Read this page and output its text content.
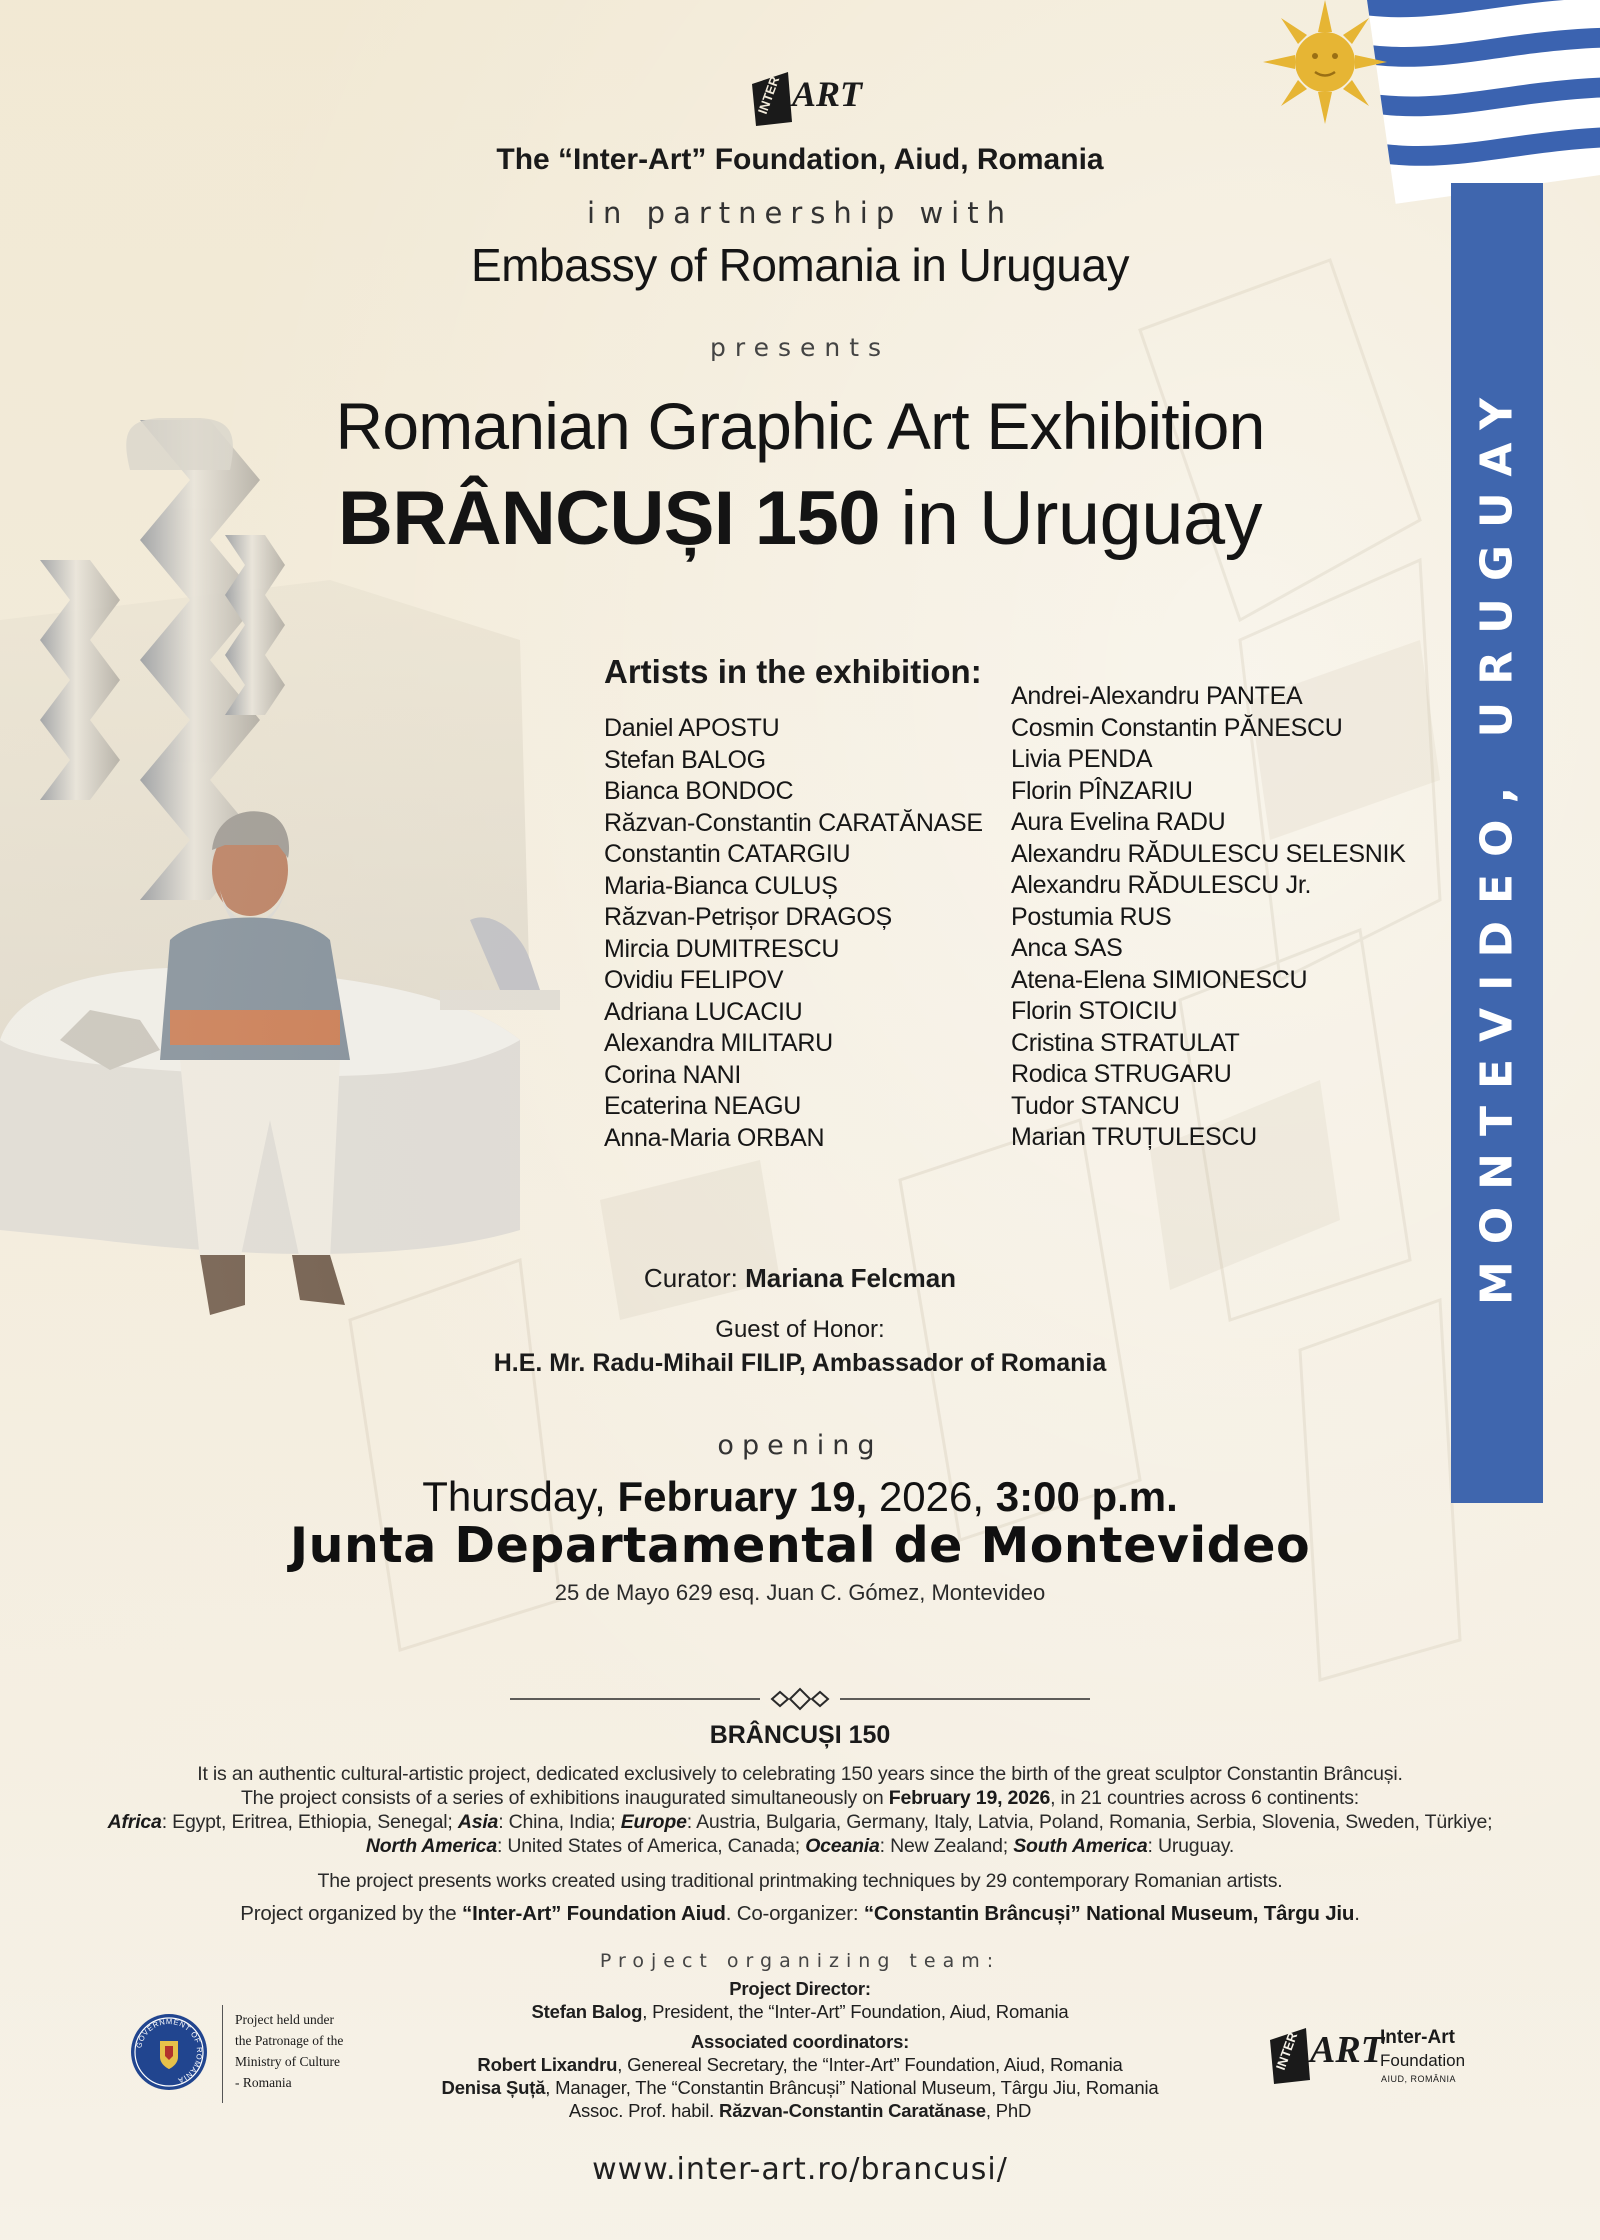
MONTEVIDEO, URUGUAY
INTER ART
The “Inter-Art” Foundation, Aiud, Romania
in partnership with
Embassy of Romania in Uruguay
presents
Romanian Graphic Art Exhibition
BRÂNCUȘI 150 in Uruguay
Artists in the exhibition:
Daniel APOSTU
Stefan BALOG
Bianca BONDOC
Răzvan-Constantin CARATĂNASE
Constantin CATARGIU
Maria-Bianca CULUȘ
Răzvan-Petrișor DRAGOȘ
Mircia DUMITRESCU
Ovidiu FELIPOV
Adriana LUCACIU
Alexandra MILITARU
Corina NANI
Ecaterina NEAGU
Anna-Maria ORBAN
Andrei-Alexandru PANTEA
Cosmin Constantin PĂNESCU
Livia PENDA
Florin PÎNZARIU
Aura Evelina RADU
Alexandru RĂDULESCU SELESNIK
Alexandru RĂDULESCU Jr.
Postumia RUS
Anca SAS
Atena-Elena SIMIONESCU
Florin STOICIU
Cristina STRATULAT
Rodica STRUGARU
Tudor STANCU
Marian TRUȚULESCU
Curator: Mariana Felcman
Guest of Honor:
H.E. Mr. Radu-Mihail FILIP, Ambassador of Romania
opening
Thursday, February 19, 2026, 3:00 p.m.
Junta Departamental de Montevideo
25 de Mayo 629 esq. Juan C. Gómez, Montevideo
BRÂNCUȘI 150
It is an authentic cultural-artistic project, dedicated exclusively to celebrating 150 years since the birth of the great sculptor Constantin Brâncuși.
The project consists of a series of exhibitions inaugurated simultaneously on February 19, 2026, in 21 countries across 6 continents:
Africa: Egypt, Eritrea, Ethiopia, Senegal; Asia: China, India; Europe: Austria, Bulgaria, Germany, Italy, Latvia, Poland, Romania, Serbia, Slovenia, Sweden, Türkiye;
North America: United States of America, Canada; Oceania: New Zealand; South America: Uruguay.
The project presents works created using traditional printmaking techniques by 29 contemporary Romanian artists.
Project organized by the “Inter-Art” Foundation Aiud. Co-organizer: “Constantin Brâncuși” National Museum, Târgu Jiu.
Project organizing team:
Project Director:
Stefan Balog, President, the “Inter-Art” Foundation, Aiud, Romania
Associated coordinators:
Robert Lixandru, Genereal Secretary, the “Inter-Art” Foundation, Aiud, Romania
Denisa Șuță, Manager, The “Constantin Brâncuși” National Museum, Târgu Jiu, Romania
Assoc. Prof. habil. Răzvan-Constantin Caratănase, PhD
GOVERNMENT OF ROMANIA
Project held under
the Patronage of the
Ministry of Culture
- Romania
INTER ART
Inter-Art
Foundation
AIUD, ROMÂNIA
www.inter-art.ro/brancusi/
